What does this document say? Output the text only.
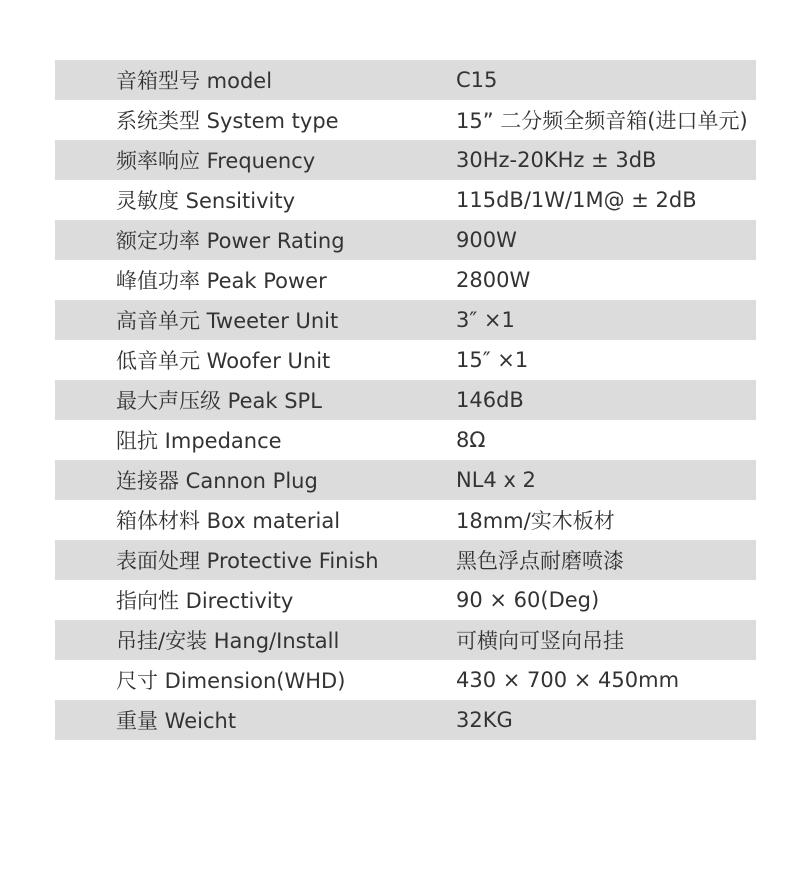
音箱型号 model	C15
系统类型 System type	15” 二分频全频音箱(进口单元)
频率响应 Frequency	30Hz-20KHz ± 3dB
灵敏度 Sensitivity	115dB/1W/1M@ ± 2dB
额定功率 Power Rating	900W
峰值功率 Peak Power	2800W
高音单元 Tweeter Unit	3″ ×1
低音单元 Woofer Unit	15″ ×1
最大声压级 Peak SPL	146dB
阻抗 Impedance	8Ω
连接器 Cannon Plug	NL4 x 2
箱体材料 Box material	18mm/实木板材
表面处理 Protective Finish	黑色浮点耐磨喷漆
指向性 Directivity	90 × 60(Deg)
吊挂/安装 Hang/Install	可横向可竖向吊挂
尺寸 Dimension(WHD)	430 × 700 × 450mm
重量 Weicht	32KG
